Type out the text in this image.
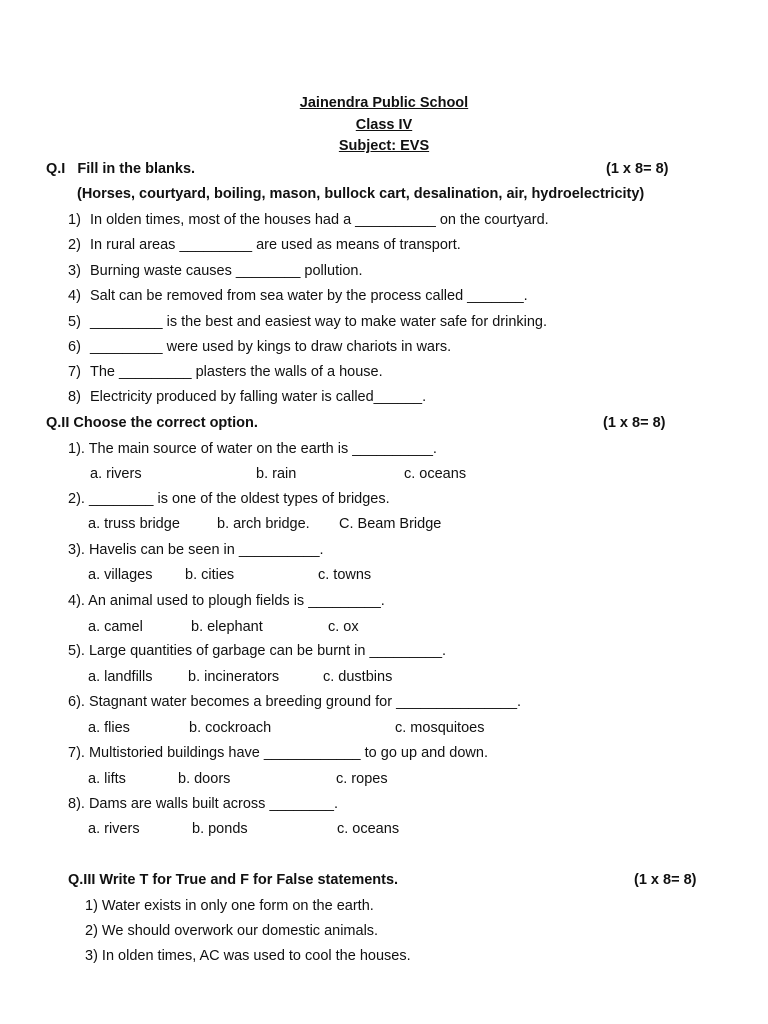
Jainendra Public School
Class IV
Subject: EVS
Q.I   Fill in the blanks.	(1 x 8= 8)
(Horses, courtyard, boiling, mason, bullock cart, desalination, air, hydroelectricity)
1) In olden times, most of the houses had a __________ on the courtyard.
2) In rural areas _________ are used as means of transport.
3) Burning waste causes ________ pollution.
4) Salt can be removed from sea water by the process called _______.
5) _________ is the best and easiest way to make water safe for drinking.
6) _________ were used by kings to draw chariots in wars.
7) The _________ plasters the walls of a house.
8) Electricity produced by falling water is called______.
Q.II Choose the correct option.	(1 x 8= 8)
1). The main source of water on the earth is __________.
a. rivers	b. rain	c. oceans
2). ________ is one of the oldest types of bridges.
a. truss bridge	b. arch bridge. C. Beam Bridge
3). Havelis can be seen in __________.
a. villages b. cities	c. towns
4). An animal used to plough fields is _________.
a. camel	b. elephant	c. ox
5). Large quantities of garbage can be burnt in _________.
a. landfills b. incinerators	c. dustbins
6). Stagnant water becomes a breeding ground for _______________.
a. flies	b. cockroach	c. mosquitoes
7). Multistoried buildings have ____________ to go up and down.
a. lifts	b. doors	c. ropes
8). Dams are walls built across ________.
a. rivers	b. ponds	c. oceans
Q.III Write T for True and F for False statements.	(1 x 8= 8)
1) Water exists in only one form on the earth.
2) We should overwork our domestic animals.
3) In olden times, AC was used to cool the houses.
